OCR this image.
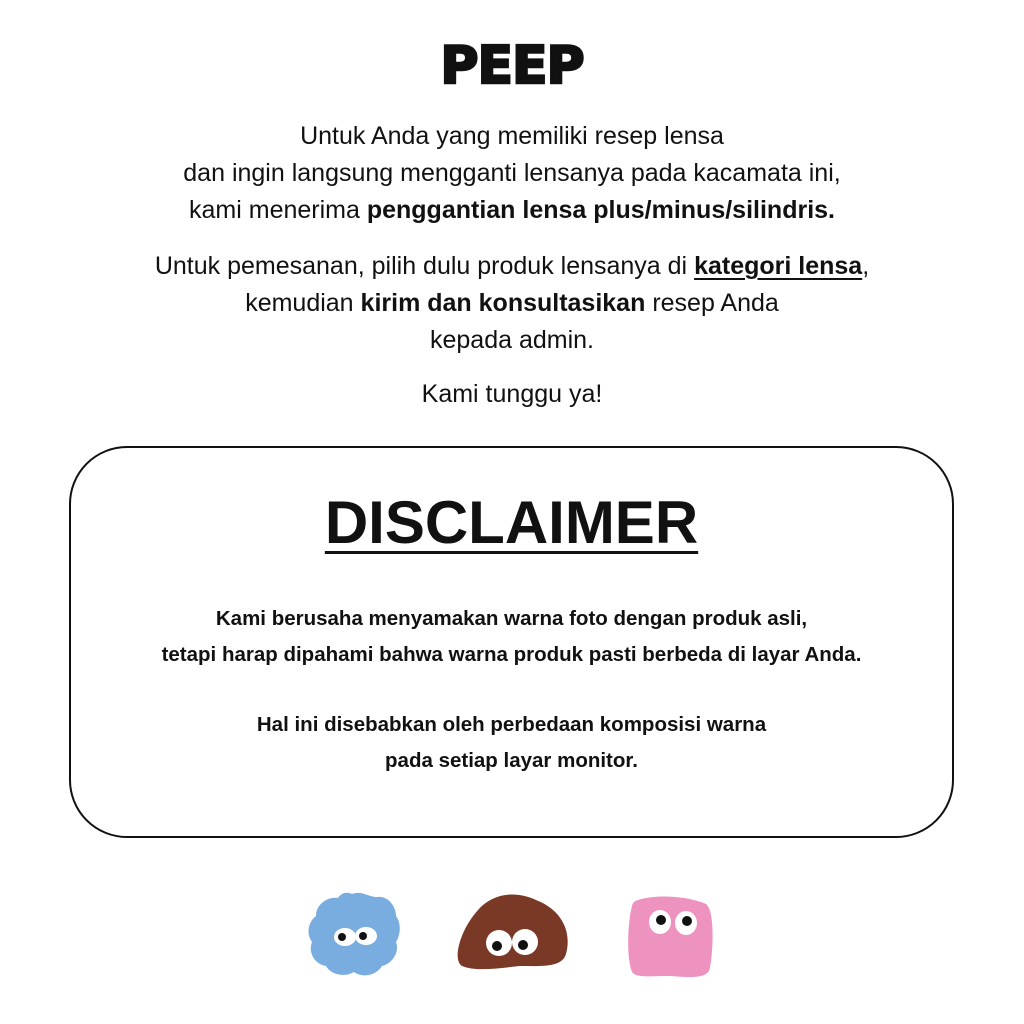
PEEP

Untuk Anda yang memiliki resep lensa
dan ingin langsung mengganti lensanya pada kacamata ini,
kami menerima penggantian lensa plus/minus/silindris.

Untuk pemesanan, pilih dulu produk lensanya di kategori lensa,
kemudian kirim dan konsultasikan resep Anda
kepada admin.

Kami tunggu ya!

DISCLAIMER

Kami berusaha menyamakan warna foto dengan produk asli,
tetapi harap dipahami bahwa warna produk pasti berbeda di layar Anda.

Hal ini disebabkan oleh perbedaan komposisi warna
pada setiap layar monitor.
